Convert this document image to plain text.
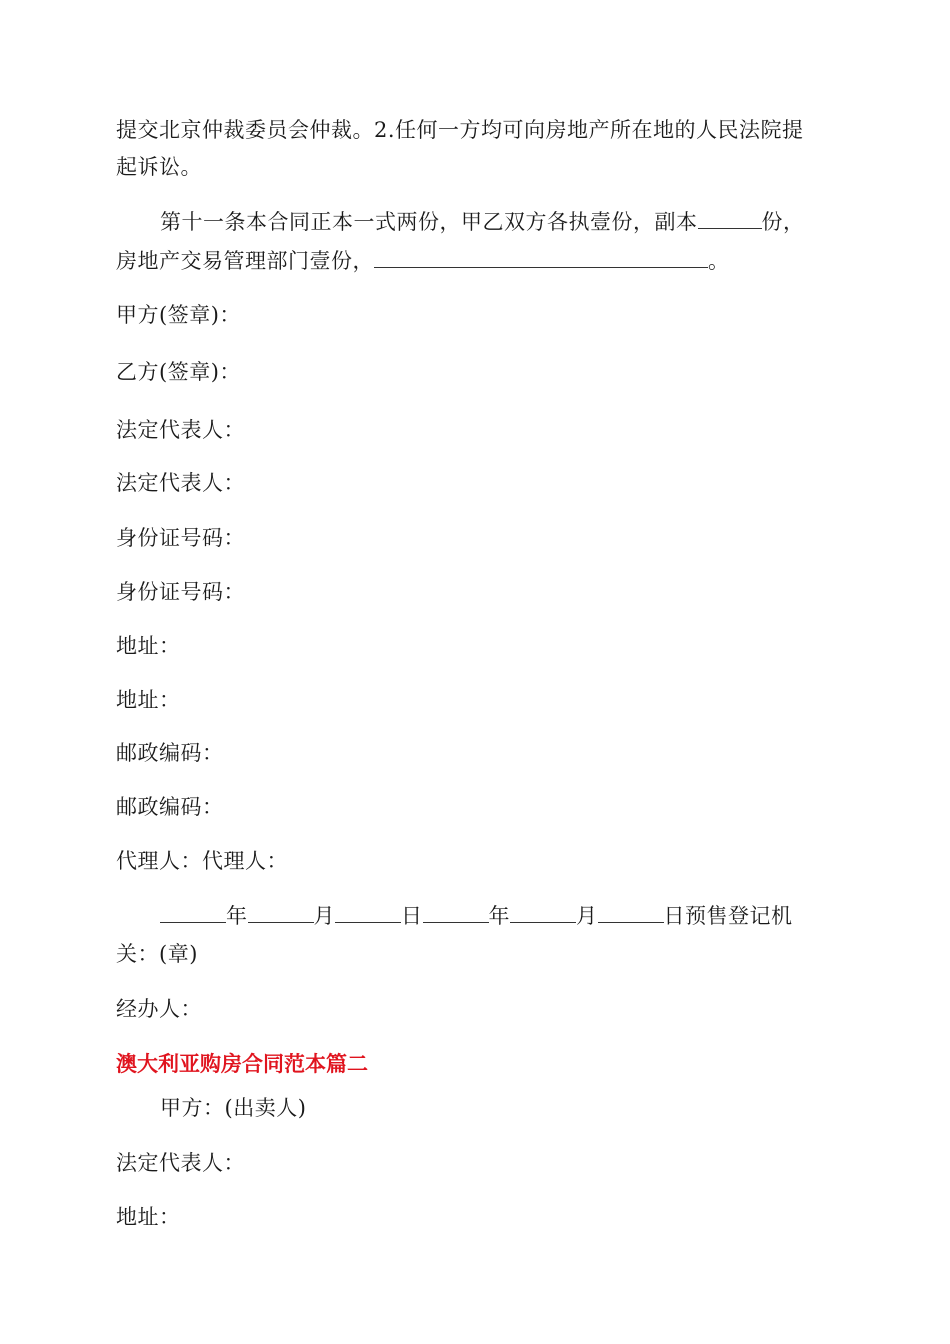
提交北京仲裁委员会仲裁。2.任何一方均可向房地产所在地的人民法院提
起诉讼。
第十一条本合同正本一式两份，甲乙双方各执壹份，副本	份，
房地产交易管理部门壹份，	。
甲方(签章)：
乙方(签章)：
法定代表人：
法定代表人：
身份证号码：
身份证号码：
地址：
地址：
邮政编码：
邮政编码：
代理人：代理人：
年	月	日	年	月	日预售登记机
关：(章)
经办人：
澳大利亚购房合同范本篇二
甲方：(出卖人)
法定代表人：
地址：
